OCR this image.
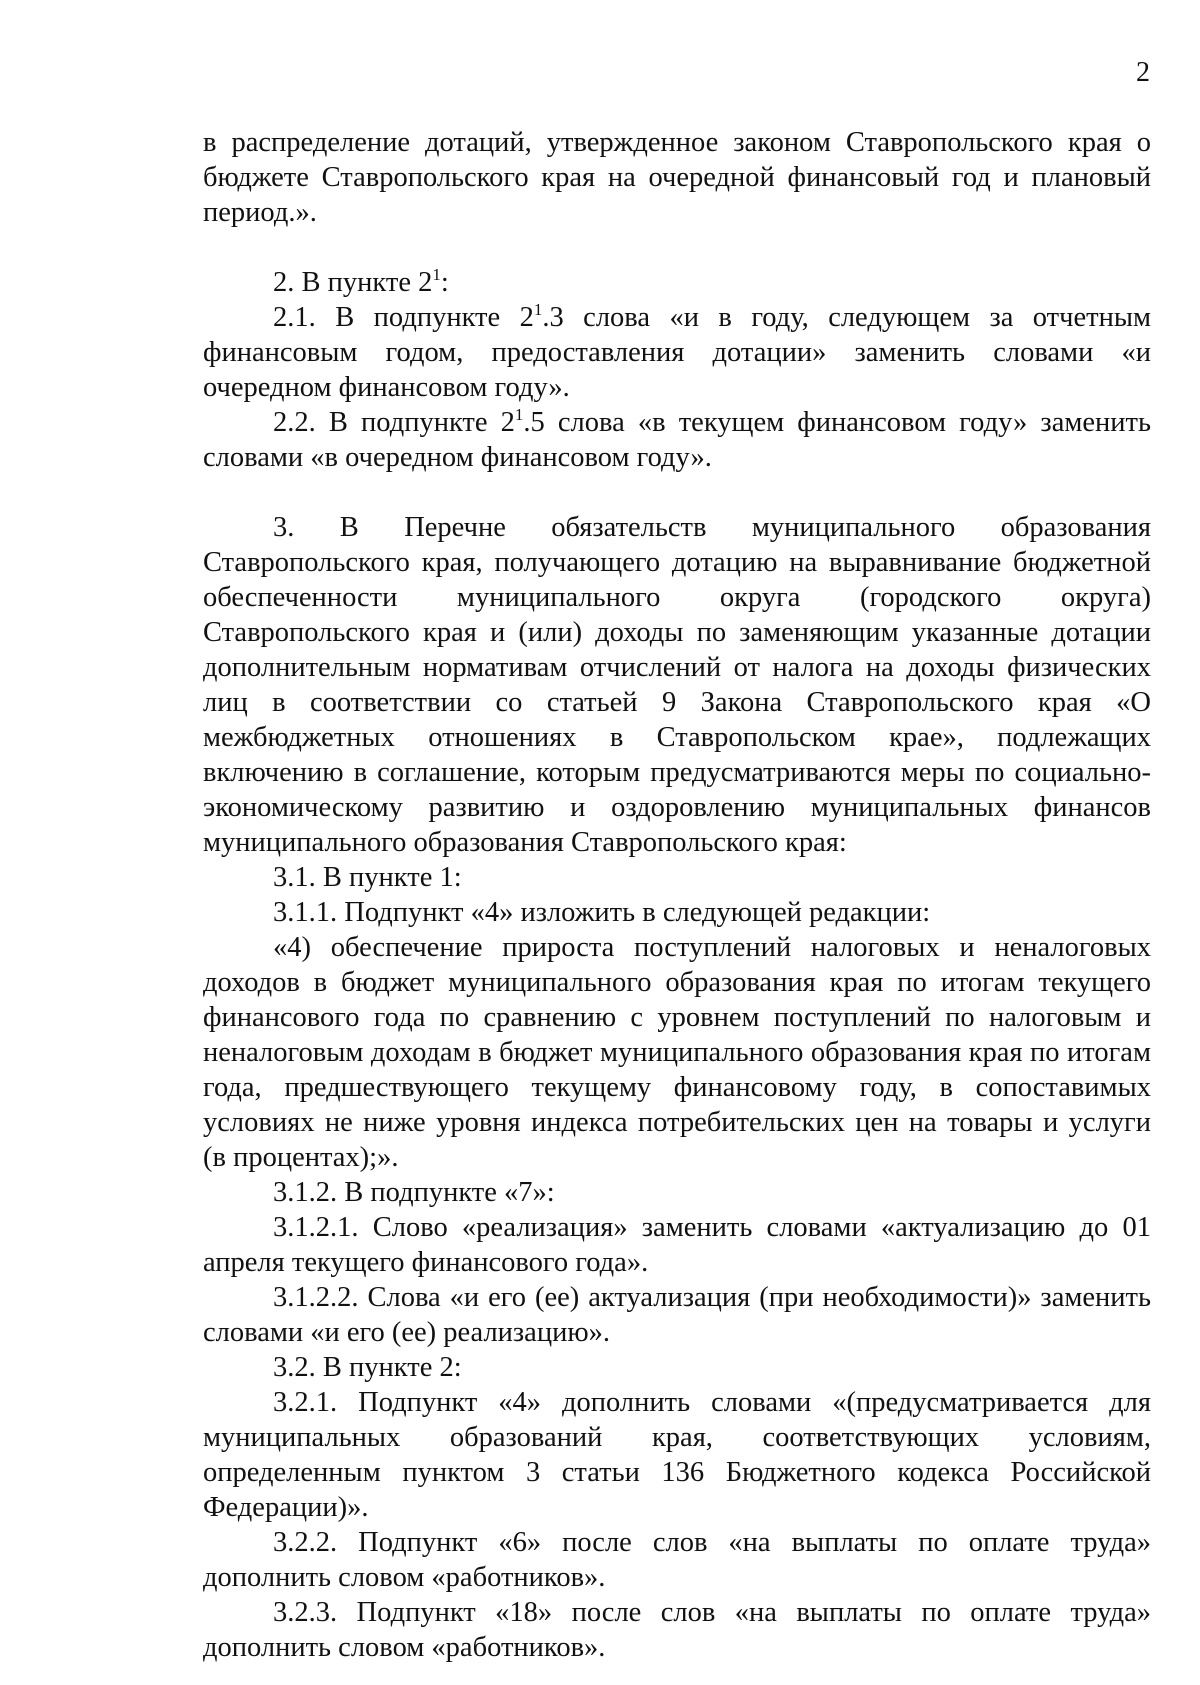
2

в распределение дотаций, утвержденное законом Ставропольского края о бюджете Ставропольского края на очередной финансовый год и плановый период.».

2. В пункте $2^1$:

2.1. В подпункте $2^1.3$ слова «и в году, следующем за отчетным финансовым годом, предоставления дотации» заменить словами «и очередном финансовом году».

2.2. В подпункте $2^1.5$ слова «в текущем финансовом году» заменить словами «в очередном финансовом году».

3. В Перечне обязательств муниципального образования Ставропольского края, получающего дотацию на выравнивание бюджетной обеспеченности муниципального округа (городского округа) Ставропольского края и (или) доходы по заменяющим указанные дотации дополнительным нормативам отчислений от налога на доходы физических лиц в соответствии со статьей 9 Закона Ставропольского края «О межбюджетных отношениях в Ставропольском крае», подлежащих включению в соглашение, которым предусматриваются меры по социально-экономическому развитию и оздоровлению муниципальных финансов муниципального образования Ставропольского края:

3.1. В пункте 1:

3.1.1. Подпункт «4» изложить в следующей редакции:

«4) обеспечение прироста поступлений налоговых и неналоговых доходов в бюджет муниципального образования края по итогам текущего финансового года по сравнению с уровнем поступлений по налоговым и неналоговым доходам в бюджет муниципального образования края по итогам года, предшествующего текущему финансовому году, в сопоставимых условиях не ниже уровня индекса потребительских цен на товары и услуги

(в процентах);».

3.1.2. В подпункте «7»:

3.1.2.1. Слово «реализация» заменить словами «актуализацию до 01 апреля текущего финансового года».

3.1.2.2. Слова «и его (ее) актуализация (при необходимости)» заменить словами «и его (ее) реализацию».

3.2. В пункте 2:

3.2.1. Подпункт «4» дополнить словами «(предусматривается для муниципальных образований края, соответствующих условиям, определенным пунктом 3 статьи 136 Бюджетного кодекса Российской Федерации)».

3.2.2. Подпункт «6» после слов «на выплаты по оплате труда» дополнить словом «работников».

3.2.3. Подпункт «18» после слов «на выплаты по оплате труда» дополнить словом «работников».
